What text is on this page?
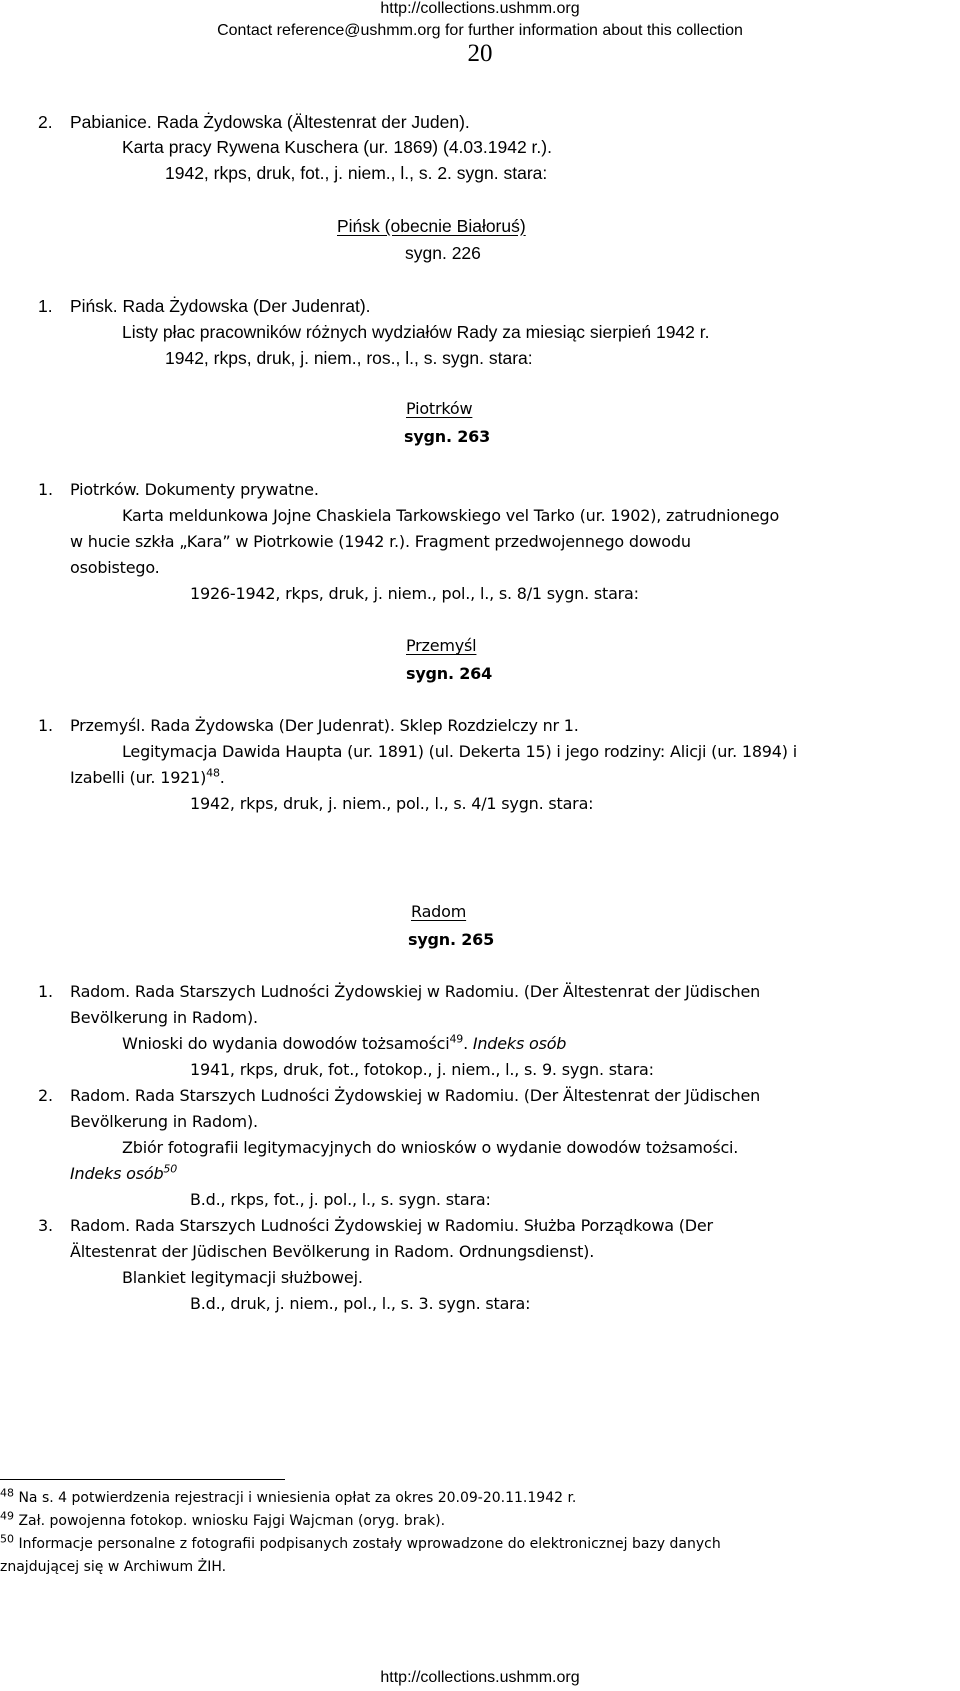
http://collections.ushmm.org
Contact reference@ushmm.org for further information about this collection
20
2. Pabianice. Rada Żydowska (Ältestenrat der Juden).
Karta pracy Rywena Kuschera (ur. 1869) (4.03.1942 r.).
1942, rkps, druk, fot., j. niem., l., s. 2. sygn. stara:
Pińsk (obecnie Białoruś)
sygn. 226
1. Pińsk. Rada Żydowska (Der Judenrat).
Listy płac pracowników różnych wydziałów Rady za miesiąc sierpień 1942 r.
1942, rkps, druk, j. niem., ros., l., s. sygn. stara:
Piotrków
sygn. 263
1. Piotrków. Dokumenty prywatne.
Karta meldunkowa Jojne Chaskiela Tarkowskiego vel Tarko (ur. 1902), zatrudnionego
w hucie szkła „Kara” w Piotrkowie (1942 r.). Fragment przedwojennego dowodu
osobistego.
1926-1942, rkps, druk, j. niem., pol., l., s. 8/1 sygn. stara:
Przemyśl
sygn. 264
1. Przemyśl. Rada Żydowska (Der Judenrat). Sklep Rozdzielczy nr 1.
Legitymacja Dawida Haupta (ur. 1891) (ul. Dekerta 15) i jego rodziny: Alicji (ur. 1894) i
Izabelli (ur. 1921)$^{48}$.
1942, rkps, druk, j. niem., pol., l., s. 4/1 sygn. stara:
Radom
sygn. 265
1. Radom. Rada Starszych Ludności Żydowskiej w Radomiu. (Der Ältestenrat der Jüdischen
Bevölkerung in Radom).
Wnioski do wydania dowodów tożsamości$^{49}$. Indeks osób
1941, rkps, druk, fot., fotokop., j. niem., l., s. 9. sygn. stara:
2. Radom. Rada Starszych Ludności Żydowskiej w Radomiu. (Der Ältestenrat der Jüdischen
Bevölkerung in Radom).
Zbiór fotografii legitymacyjnych do wniosków o wydanie dowodów tożsamości.
Indeks osób$^{50}$
B.d., rkps, fot., j. pol., l., s. sygn. stara:
3. Radom. Rada Starszych Ludności Żydowskiej w Radomiu. Służba Porządkowa (Der
Ältestenrat der Jüdischen Bevölkerung in Radom. Ordnungsdienst).
Blankiet legitymacji służbowej.
B.d., druk, j. niem., pol., l., s. 3. sygn. stara:
$^{48}$ Na s. 4 potwierdzenia rejestracji i wniesienia opłat za okres 20.09-20.11.1942 r.
$^{49}$ Zał. powojenna fotokop. wniosku Fajgi Wajcman (oryg. brak).
$^{50}$ Informacje personalne z fotografii podpisanych zostały wprowadzone do elektronicznej bazy danych
znajdującej się w Archiwum ŻIH.
http://collections.ushmm.org
